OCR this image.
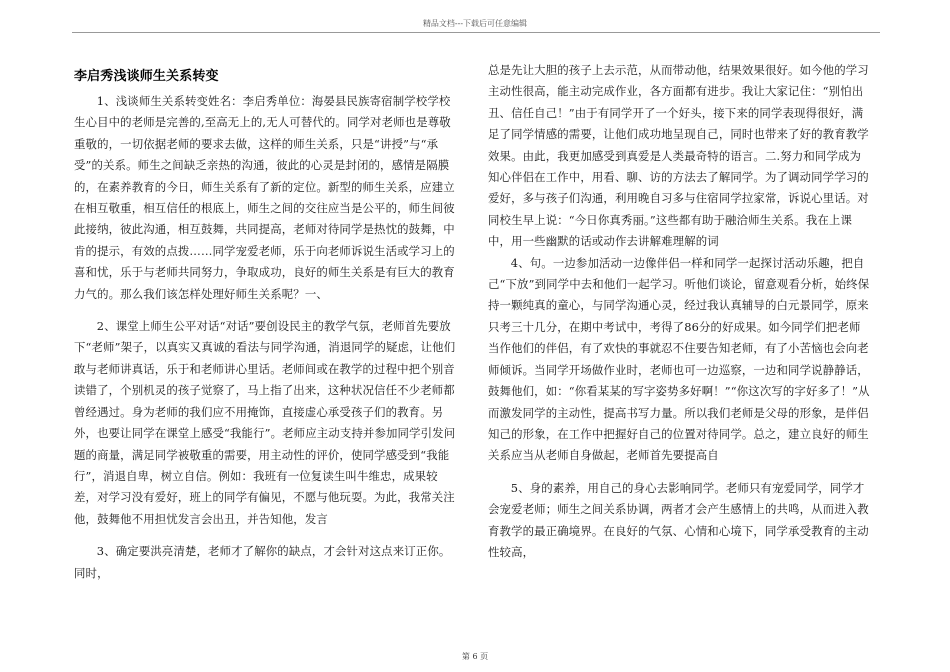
精品文档---下载后可任意编辑
李启秀浅谈师生关系转变

1、浅谈师生关系转变姓名：李启秀单位：海晏县民族寄宿制学校学校生心目中的老师是完善的,至高无上的,无人可替代的。同学对老师也是尊敬重敬的，一切依据老师的要求去做，这样的师生关系，只是“讲授”与“承受”的关系。师生之间缺乏亲热的沟通，彼此的心灵是封闭的，感情是隔膜的，在素养教育的今日，师生关系有了新的定位。新型的师生关系，应建立在相互敬重，相互信任的根底上，师生之间的交往应当是公平的，师生间彼此接纳，彼此沟通，相互鼓舞，共同提高，老师对待同学是热忱的鼓舞，中肯的提示，有效的点拨……同学宠爱老师，乐于向老师诉说生活或学习上的喜和忧，乐于与老师共同努力，争取成功，良好的师生关系是有巨大的教育力气的。那么我们该怎样处理好师生关系呢？一、

2、课堂上师生公平对话“对话”要创设民主的教学气氛，老师首先要放下“老师”架子，以真实又真诚的看法与同学沟通，消退同学的疑虑，让他们敢与老师讲真话，乐于和老师讲心里话。老师间或在教学的过程中把个别音读错了，个别机灵的孩子觉察了，马上指了出来，这种状况信任不少老师都曾经遇过。身为老师的我们应不用掩饰，直接虚心承受孩子们的教育。另外，也要让同学在课堂上感受“我能行”。老师应主动支持并参加同学引发问题的商量，满足同学被敬重的需要，用主动性的评价，使同学感受到“我能行”，消退自卑，树立自信。例如：我班有一位复读生叫牛维忠，成果较差，对学习没有爱好，班上的同学有偏见，不愿与他玩耍。为此，我常关注他，鼓舞他不用担忧发言会出丑，并告知他，发言

3、确定要洪亮清楚，老师才了解你的缺点，才会针对这点来订正你。同时，

总是先让大胆的孩子上去示范，从而带动他，结果效果很好。如今他的学习主动性很高，能主动完成作业，各方面都有进步。我让大家记住：“别怕出丑、信任自己！”由于有同学开了一个好头，接下来的同学表现得很好，满足了同学情感的需要，让他们成功地呈现自己，同时也带来了好的教育教学效果。由此，我更加感受到真爱是人类最奇特的语言。二.努力和同学成为知心伴侣在工作中，用看、聊、访的方法去了解同学。为了调动同学学习的爱好，多与孩子们沟通，利用晚自习多与住宿同学拉家常，诉说心里话。对同校生早上说：“今日你真秀丽。”这些都有助于融洽师生关系。我在上课中，用一些幽默的话或动作去讲解难理解的词

4、句。一边参加活动一边像伴侣一样和同学一起探讨活动乐趣，把自己“下放”到同学中去和他们一起学习。听他们谈论，留意观看分析，始终保持一颗纯真的童心，与同学沟通心灵，经过我认真辅导的白元景同学，原来只考三十几分，在期中考试中，考得了86分的好成果。如今同学们把老师当作他们的伴侣，有了欢快的事就忍不住要告知老师，有了小苦恼也会向老师倾诉。当同学开场做作业时，老师也可一边巡察，一边和同学说静静话，鼓舞他们，如：“你看某某的写字姿势多好啊！”“你这次写的字好多了！”从而激发同学的主动性，提高书写力量。所以我们老师是父母的形象，是伴侣知己的形象，在工作中把握好自己的位置对待同学。总之，建立良好的师生关系应当从老师自身做起，老师首先要提高自

5、身的素养，用自己的身心去影响同学。老师只有宠爱同学，同学才会宠爱老师；师生之间关系协调，两者才会产生感情上的共鸣，从而进入教育教学的最正确境界。在良好的气氛、心情和心境下，同学承受教育的主动性较高，

第 6 页
